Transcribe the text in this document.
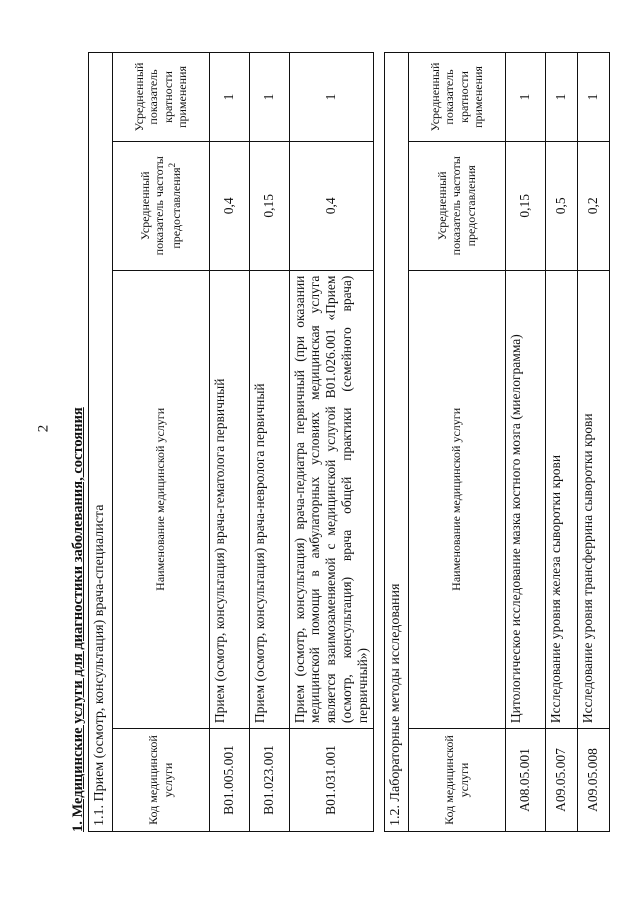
2 1. Медицинские услуги для диагностики заболевания, состояния 1.1. Прием (осмотр, консультация) врача-специалиста			
Код медицинской услуги	Наименование медицинской услуги	Усредненный показатель частоты предоставления$^2$	Усредненный показатель кратности применения
B01.005.001	Прием (осмотр, консультация) врача-гематолога первичный	0,4	1
B01.023.001	Прием (осмотр, консультация) врача-невролога первичный	0,15	1
B01.031.001	Прием (осмотр, консультация) врача-педиатра первичный (при оказании медицинской помощи в амбулаторных условиях медицинская услуга является взаимозаменяемой с медицинской услугой B01.026.001 «Прием (осмотр, консультация) врача общей практики (семейного врача) первичный»)	0,4	1
1.2. Лабораторные методы исследования			
Код медицинской услуги	Наименование медицинской услуги	Усредненный показатель частоты предоставления	Усредненный показатель кратности применения
A08.05.001	Цитологическое исследование мазка костного мозга (миелограмма)	0,15	1
A09.05.007	Исследование уровня железа сыворотки крови	0,5	1
A09.05.008	Исследование уровня трансферрина сыворотки крови	0,2	1
